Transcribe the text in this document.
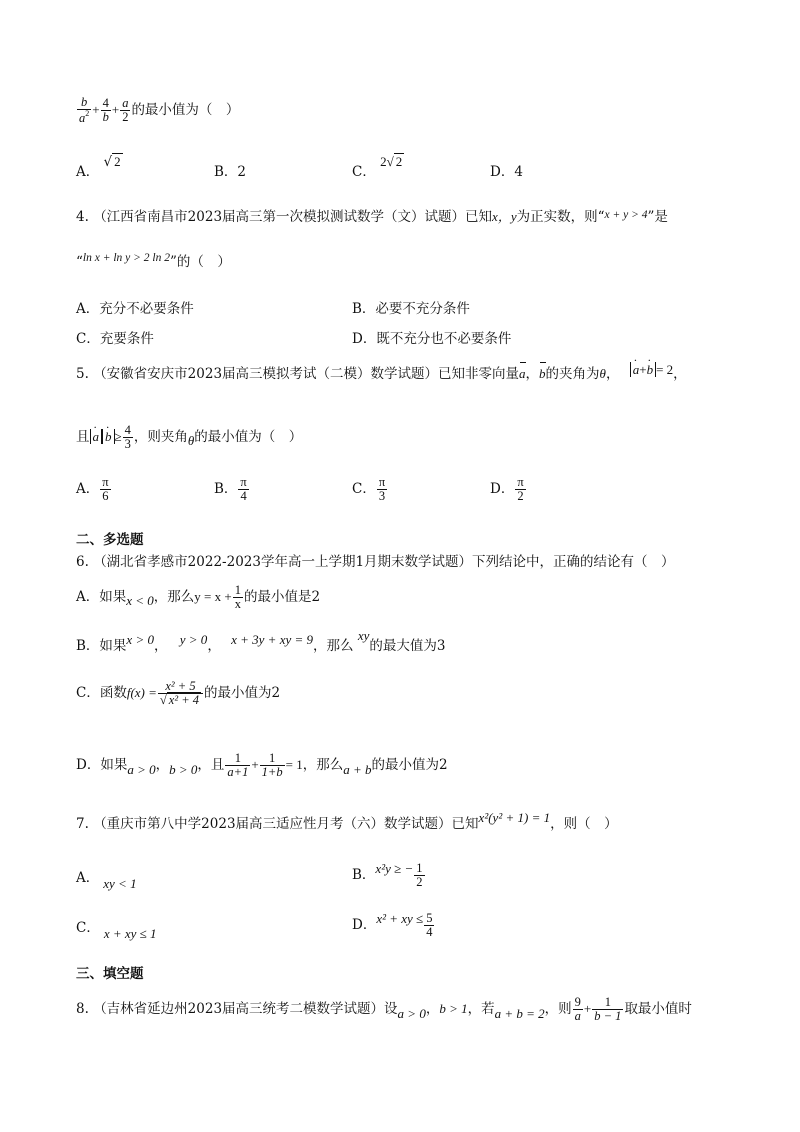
$\frac{b}{a^2} + \frac{4}{b} + \frac{a}{2}$ 的最小值为（　）
A． √ 2
B．2	C． 2√ 2
D．4
4. （江西省南昌市2023届高三第一次模拟测试数学（文）试题）已知x，y为正实数，则“x + y > 4”是
“ln x + ln y > 2 ln 2”的（　）
A．充分不必要条件	B．必要不充分条件
C．充要条件	D．既不充分也不必要条件
5. （安徽省安庆市2023届高三模拟考试（二模）数学试题）已知非零向量a，b的夹角为θ， · a+· b = 2，
且 · $a \cdot b \ge \frac{4}{3}$ ，则夹角θ的最小值为（　）
A． $\frac{\pi}{6}$	B． $\frac{\pi}{4}$	C． $\frac{\pi}{3}$	D． $\frac{\pi}{2}$
二、多选题
6. （湖北省孝感市2022-2023学年高一上学期1月期末数学试题）下列结论中，正确的结论有（　）
A．如果x < 0，那么$y = x + \frac{1}{x}$ 的最小值是2
B．如果x > 0， y > 0， x + 3y + xy = 9，那么 xy的最大值为3
C．函数$f(x) = \frac{\text{x² + 5}}{\text{√ x² + 4}}$ 的最小值为2
D．如果a > 0，b > 0，且 $\frac{1}{a+1} + \frac{1}{1+b} = 1$，那么a + b的最小值为2
7. （重庆市第八中学2023届高三适应性月考（六）数学试题）已知x²(y² + 1) = 1，则（　）
A． xy < 1
B．x²y ≥ − $\frac{1}{2}$
C． x + xy ≤ 1
D．x² + xy ≤ $\frac{5}{4}$
三、填空题
8. （吉林省延边州2023届高三统考二模数学试题）设a > 0，b > 1，若a + b = 2，则 $\frac{9}{a} + \frac{1}{b - 1}$ 取最小值时
